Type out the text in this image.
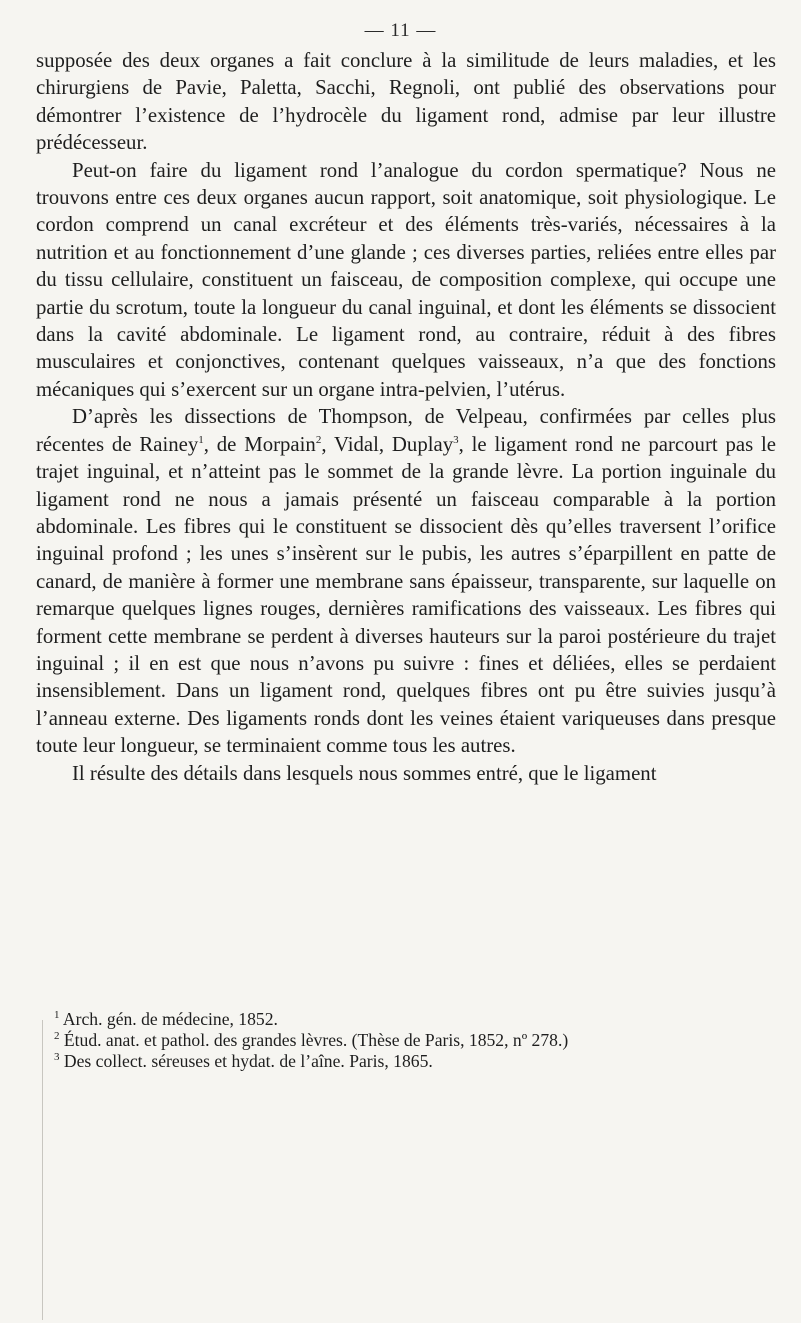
— 11 —

supposée des deux organes a fait conclure à la similitude de leurs maladies, et les chirurgiens de Pavie, Paletta, Sacchi, Regnoli, ont publié des observations pour démontrer l’existence de l’hydrocèle du ligament rond, admise par leur illustre prédécesseur.

Peut-on faire du ligament rond l’analogue du cordon spermatique? Nous ne trouvons entre ces deux organes aucun rapport, soit anatomique, soit physiologique. Le cordon comprend un canal excréteur et des éléments très-variés, nécessaires à la nutrition et au fonctionnement d’une glande ; ces diverses parties, reliées entre elles par du tissu cellulaire, constituent un faisceau, de composition complexe, qui occupe une partie du scrotum, toute la longueur du canal inguinal, et dont les éléments se dissocient dans la cavité abdominale. Le ligament rond, au contraire, réduit à des fibres musculaires et conjonctives, contenant quelques vaisseaux, n’a que des fonctions mécaniques qui s’exercent sur un organe intra-pelvien, l’utérus.

D’après les dissections de Thompson, de Velpeau, confirmées par celles plus récentes de Rainey$^1$, de Morpain$^2$, Vidal, Duplay$^3$, le ligament rond ne parcourt pas le trajet inguinal, et n’atteint pas le sommet de la grande lèvre. La portion inguinale du ligament rond ne nous a jamais présenté un faisceau comparable à la portion abdominale. Les fibres qui le constituent se dissocient dès qu’elles traversent l’orifice inguinal profond ; les unes s’insèrent sur le pubis, les autres s’éparpillent en patte de canard, de manière à former une membrane sans épaisseur, transparente, sur laquelle on remarque quelques lignes rouges, dernières ramifications des vaisseaux. Les fibres qui forment cette membrane se perdent à diverses hauteurs sur la paroi postérieure du trajet inguinal ; il en est que nous n’avons pu suivre : fines et déliées, elles se perdaient insensiblement. Dans un ligament rond, quelques fibres ont pu être suivies jusqu’à l’anneau externe. Des ligaments ronds dont les veines étaient variqueuses dans presque toute leur longueur, se terminaient comme tous les autres.

Il résulte des détails dans lesquels nous sommes entré, que le ligament

$^1$ Arch. gén. de médecine, 1852.
$^2$ Étud. anat. et pathol. des grandes lèvres. (Thèse de Paris, 1852, nº 278.)
$^3$ Des collect. séreuses et hydat. de l’aîne. Paris, 1865.
